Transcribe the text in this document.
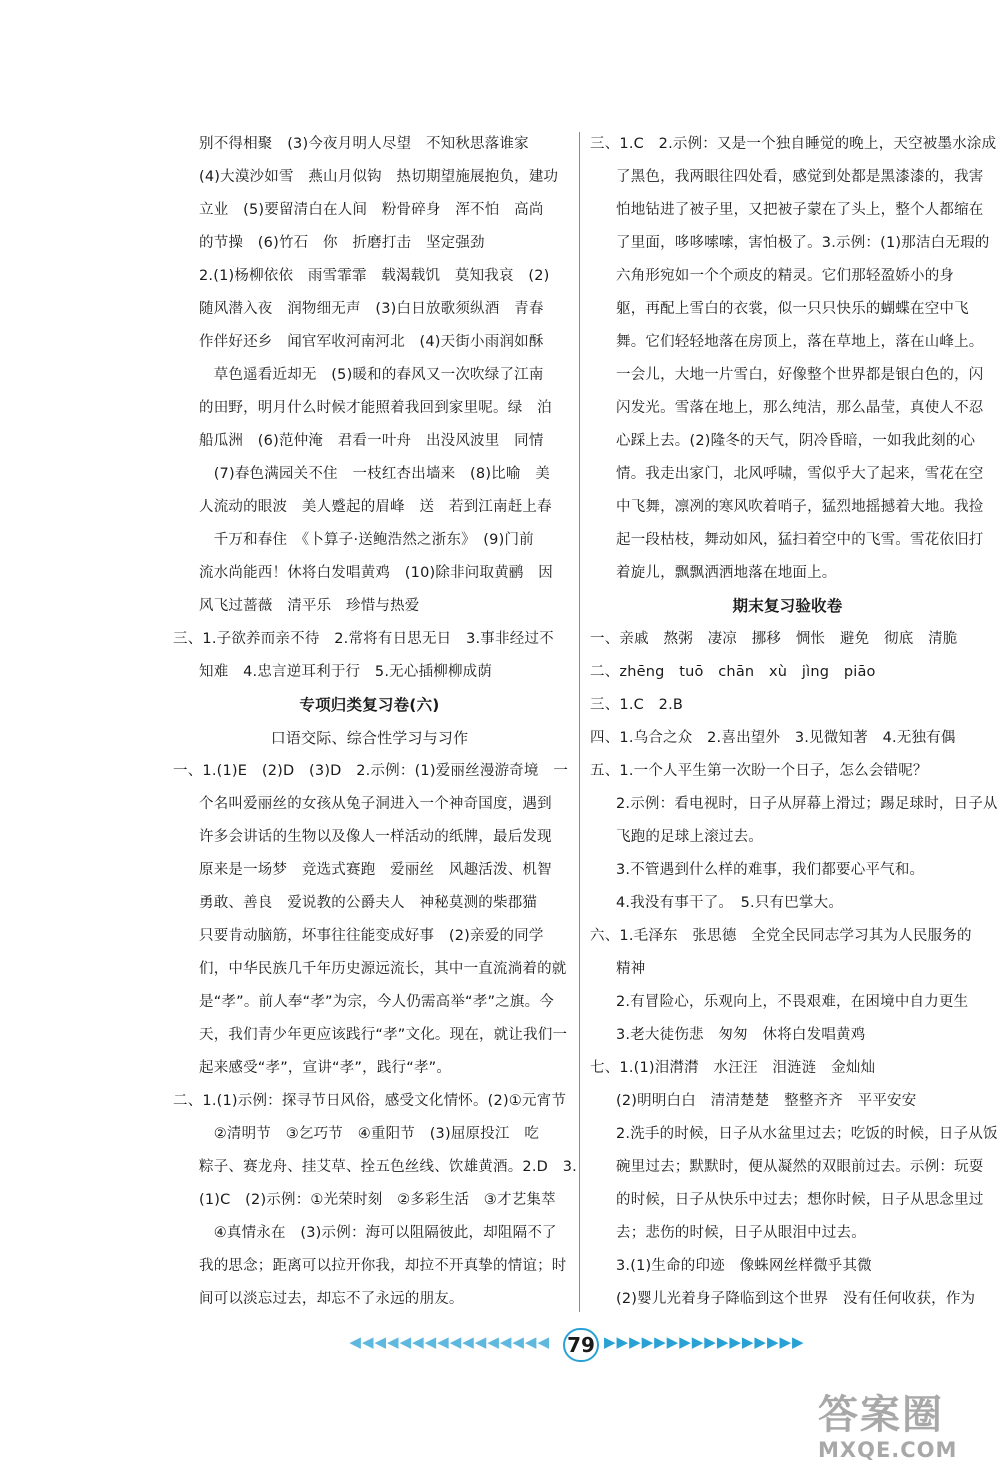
别不得相聚　(3)今夜月明人尽望　不知秋思落谁家
(4)大漠沙如雪　燕山月似钩　热切期望施展抱负，建功
立业　(5)要留清白在人间　粉骨碎身　浑不怕　高尚
的节操　(6)竹石　你　折磨打击　坚定强劲
2.(1)杨柳依依　雨雪霏霏　载渴载饥　莫知我哀　(2)
随风潜入夜　润物细无声　(3)白日放歌须纵酒　青春
作伴好还乡　闻官军收河南河北　(4)天街小雨润如酥
　草色遥看近却无　(5)暖和的春风又一次吹绿了江南
的田野，明月什么时候才能照着我回到家里呢。绿　泊
船瓜洲　(6)范仲淹　君看一叶舟　出没风波里　同情
　(7)春色满园关不住　一枝红杏出墙来　(8)比喻　美
人流动的眼波　美人蹙起的眉峰　送　若到江南赶上春
　千万和春住　《卜算子·送鲍浩然之浙东》　(9)门前
流水尚能西！休将白发唱黄鸡　(10)除非问取黄鹂　因
风飞过蔷薇　清平乐　珍惜与热爱
三、1.子欲养而亲不待　2.常将有日思无日　3.事非经过不
知难　4.忠言逆耳利于行　5.无心插柳柳成荫
专项归类复习卷(六)
口语交际、综合性学习与习作
一、1.(1)E　(2)D　(3)D　2.示例：(1)爱丽丝漫游奇境　一
个名叫爱丽丝的女孩从兔子洞进入一个神奇国度，遇到
许多会讲话的生物以及像人一样活动的纸牌，最后发现
原来是一场梦　竞选式赛跑　爱丽丝　风趣活泼、机智
勇敢、善良　爱说教的公爵夫人　神秘莫测的柴郡猫
只要肯动脑筋，坏事往往能变成好事　(2)亲爱的同学
们，中华民族几千年历史源远流长，其中一直流淌着的就
是“孝”。前人奉“孝”为宗，今人仍需高举“孝”之旗。今
天，我们青少年更应该践行“孝”文化。现在，就让我们一
起来感受“孝”，宣讲“孝”，践行“孝”。
二、1.(1)示例：探寻节日风俗，感受文化情怀。(2)①元宵节
　②清明节　③乞巧节　④重阳节　(3)屈原投江　吃
粽子、赛龙舟、挂艾草、拴五色丝线、饮雄黄酒。2.D　3.
(1)C　(2)示例：①光荣时刻　②多彩生活　③才艺集萃
　④真情永在　(3)示例：海可以阻隔彼此，却阻隔不了
我的思念；距离可以拉开你我，却拉不开真挚的情谊；时
间可以淡忘过去，却忘不了永远的朋友。
三、1.C　2.示例：又是一个独自睡觉的晚上，天空被墨水涂成
了黑色，我两眼往四处看，感觉到处都是黑漆漆的，我害
怕地钻进了被子里，又把被子蒙在了头上，整个人都缩在
了里面，哆哆嗦嗦，害怕极了。3.示例：(1)那洁白无瑕的
六角形宛如一个个顽皮的精灵。它们那轻盈娇小的身
躯，再配上雪白的衣裳，似一只只快乐的蝴蝶在空中飞
舞。它们轻轻地落在房顶上，落在草地上，落在山峰上。
一会儿，大地一片雪白，好像整个世界都是银白色的，闪
闪发光。雪落在地上，那么纯洁，那么晶莹，真使人不忍
心踩上去。(2)隆冬的天气，阴冷昏暗，一如我此刻的心
情。我走出家门，北风呼啸，雪似乎大了起来，雪花在空
中飞舞，凛冽的寒风吹着哨子，猛烈地摇撼着大地。我捡
起一段枯枝，舞动如风，猛扫着空中的飞雪。雪花依旧打
着旋儿，飘飘洒洒地落在地面上。
期末复习验收卷
一、亲戚　熬粥　凄凉　挪移　惆怅　避免　彻底　清脆
二、zhēng　tuō　chān　xù　jìng　piāo
三、1.C　2.B
四、1.乌合之众　2.喜出望外　3.见微知著　4.无独有偶
五、1.一个人平生第一次盼一个日子，怎么会错呢？
2.示例：看电视时，日子从屏幕上滑过；踢足球时，日子从
飞跑的足球上滚过去。
3.不管遇到什么样的难事，我们都要心平气和。
4.我没有事干了。　5.只有巴掌大。
六、1.毛泽东　张思德　全党全民同志学习其为人民服务的
精神
2.有冒险心，乐观向上，不畏艰难，在困境中自力更生
3.老大徒伤悲　匆匆　休将白发唱黄鸡
七、1.(1)泪潸潸　水汪汪　泪涟涟　金灿灿
(2)明明白白　清清楚楚　整整齐齐　平平安安
2.洗手的时候，日子从水盆里过去；吃饭的时候，日子从饭
碗里过去；默默时，便从凝然的双眼前过去。示例：玩耍
的时候，日子从快乐中过去；想你时候，日子从思念里过
去；悲伤的时候，日子从眼泪中过去。
3.(1)生命的印迹　像蛛网丝样微乎其微
(2)婴儿光着身子降临到这个世界　没有任何收获，作为
◀◀◀◀◀◀◀◀◀◀◀◀◀◀◀◀ 79 ▶▶▶▶▶▶▶▶▶▶▶▶▶▶▶▶
答案圈
MXQE.COM
